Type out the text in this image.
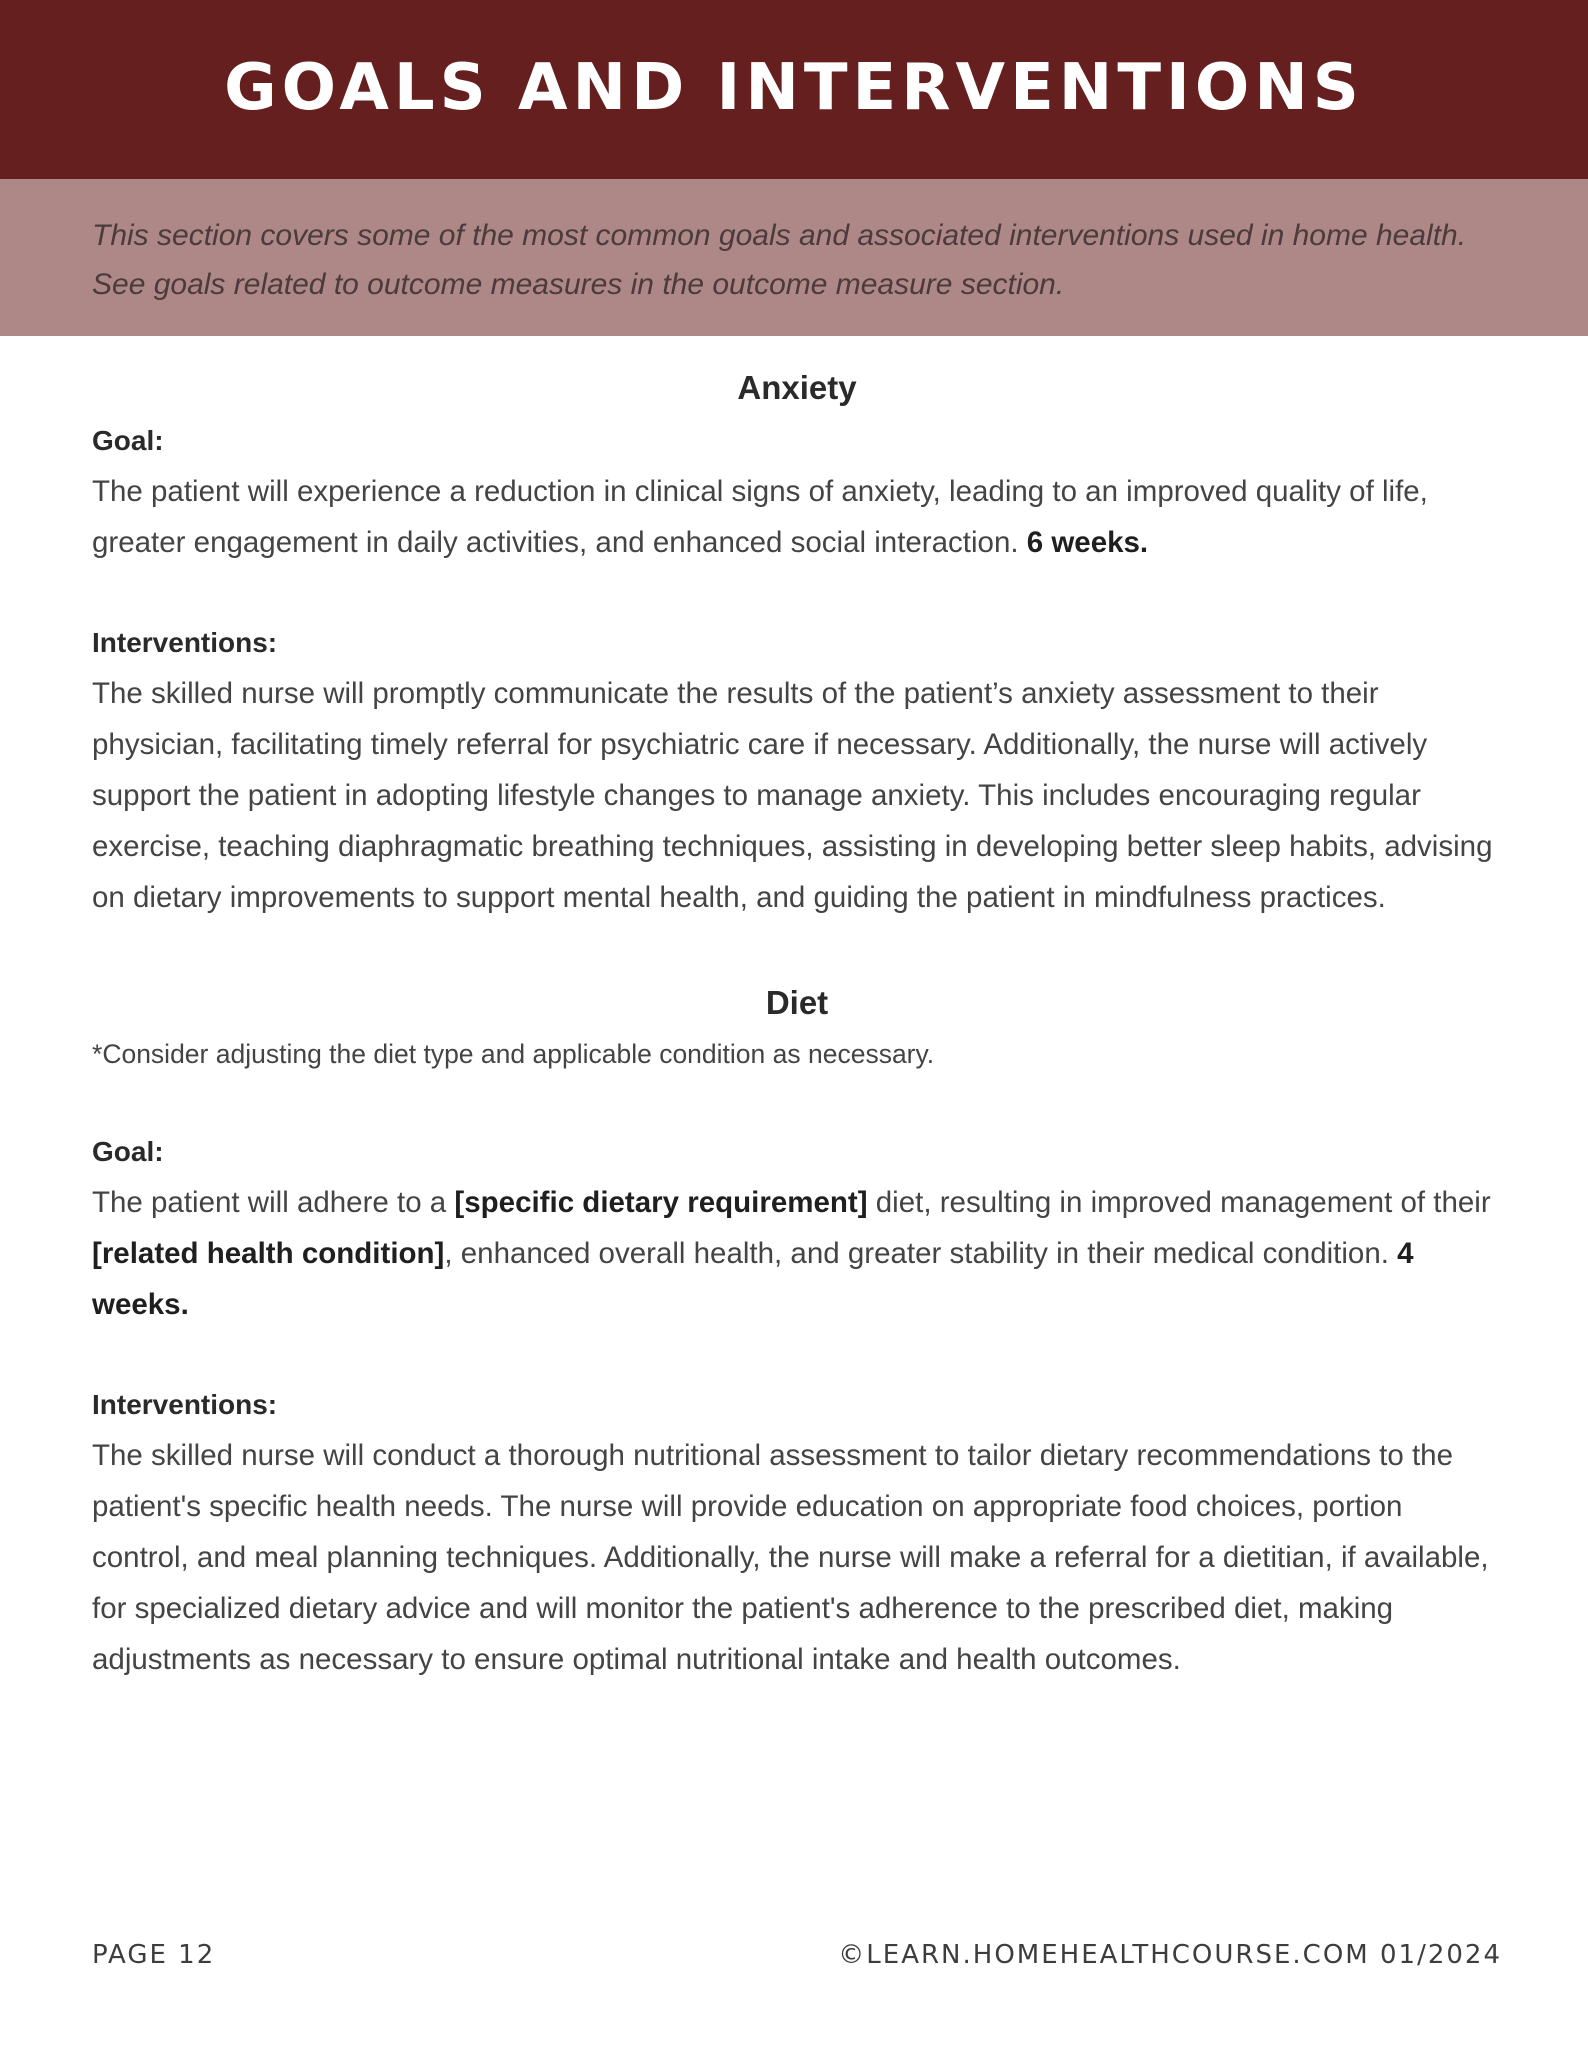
GOALS AND INTERVENTIONS

This section covers some of the most common goals and associated interventions used in home health. See goals related to outcome measures in the outcome measure section.

Anxiety

Goal:

The patient will experience a reduction in clinical signs of anxiety, leading to an improved quality of life, greater engagement in daily activities, and enhanced social interaction. 6 weeks.

Interventions:

The skilled nurse will promptly communicate the results of the patient’s anxiety assessment to their physician, facilitating timely referral for psychiatric care if necessary. Additionally, the nurse will actively support the patient in adopting lifestyle changes to manage anxiety. This includes encouraging regular exercise, teaching diaphragmatic breathing techniques, assisting in developing better sleep habits, advising on dietary improvements to support mental health, and guiding the patient in mindfulness practices.

Diet

*Consider adjusting the diet type and applicable condition as necessary.

Goal:

The patient will adhere to a [specific dietary requirement] diet, resulting in improved management of their [related health condition], enhanced overall health, and greater stability in their medical condition. 4 weeks.

Interventions:

The skilled nurse will conduct a thorough nutritional assessment to tailor dietary recommendations to the patient's specific health needs. The nurse will provide education on appropriate food choices, portion control, and meal planning techniques. Additionally, the nurse will make a referral for a dietitian, if available, for specialized dietary advice and will monitor the patient's adherence to the prescribed diet, making adjustments as necessary to ensure optimal nutritional intake and health outcomes.

PAGE 12	©LEARN.HOMEHEALTHCOURSE.COM 01/2024
